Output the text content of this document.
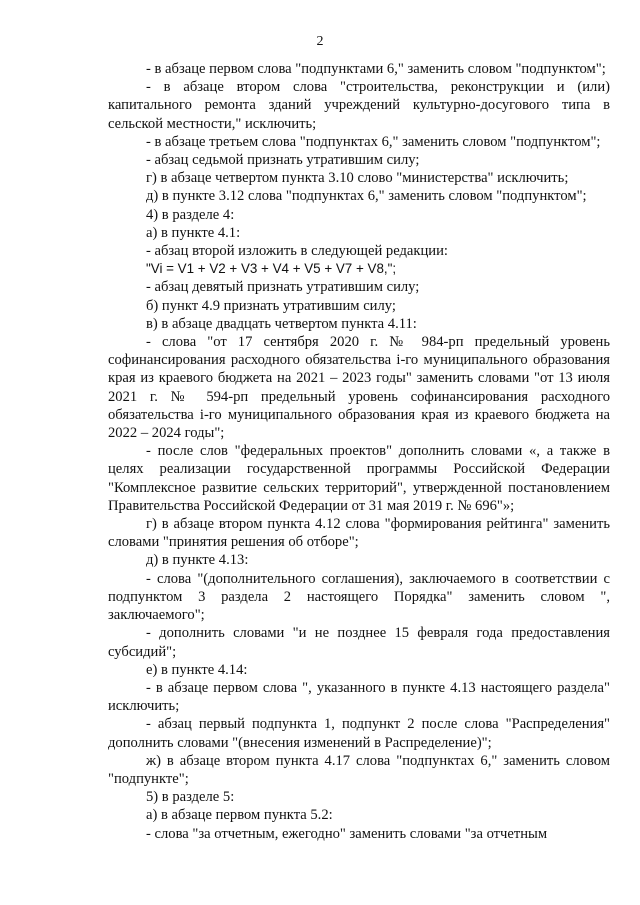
2

- в абзаце первом слова "подпунктами 6," заменить словом "подпунктом";

- в абзаце втором слова "строительства, реконструкции и (или) капитального ремонта зданий учреждений культурно-досугового типа в сельской местности," исключить;

- в абзаце третьем слова "подпунктах 6," заменить словом "подпунктом";

- абзац седьмой признать утратившим силу;

г) в абзаце четвертом пункта 3.10 слово "министерства" исключить;

д) в пункте 3.12 слова "подпунктах 6," заменить словом "подпунктом";

4) в разделе 4:

а) в пункте 4.1:

- абзац второй изложить в следующей редакции:

"Vi = V1 + V2 + V3 + V4 + V5 + V7 + V8,";

- абзац девятый признать утратившим силу;

б) пункт 4.9 признать утратившим силу;

в) в абзаце двадцать четвертом пункта 4.11:

- слова "от 17 сентября 2020 г. № 984-рп предельный уровень софинансирования расходного обязательства i-го муниципального образования края из краевого бюджета на 2021 – 2023 годы" заменить словами "от 13 июля 2021 г. № 594-рп предельный уровень софинансирования расходного обязательства i-го муниципального образования края из краевого бюджета на 2022 – 2024 годы";

- после слов "федеральных проектов" дополнить словами «, а также в целях реализации государственной программы Российской Федерации "Комплексное развитие сельских территорий", утвержденной постановлением Правительства Российской Федерации от 31 мая 2019 г. № 696"»;

г) в абзаце втором пункта 4.12 слова "формирования рейтинга" заменить словами "принятия решения об отборе";

д) в пункте 4.13:

- слова "(дополнительного соглашения), заключаемого в соответствии с подпунктом 3 раздела 2 настоящего Порядка" заменить словом ", заключаемого";

- дополнить словами "и не позднее 15 февраля года предоставления субсидий";

е) в пункте 4.14:

- в абзаце первом слова ", указанного в пункте 4.13 настоящего раздела" исключить;

- абзац первый подпункта 1, подпункт 2 после слова "Распределения" дополнить словами "(внесения изменений в Распределение)";

ж) в абзаце втором пункта 4.17 слова "подпунктах 6," заменить словом "подпункте";

5) в разделе 5:

а) в абзаце первом пункта 5.2:

- слова "за отчетным, ежегодно" заменить словами "за отчетным
